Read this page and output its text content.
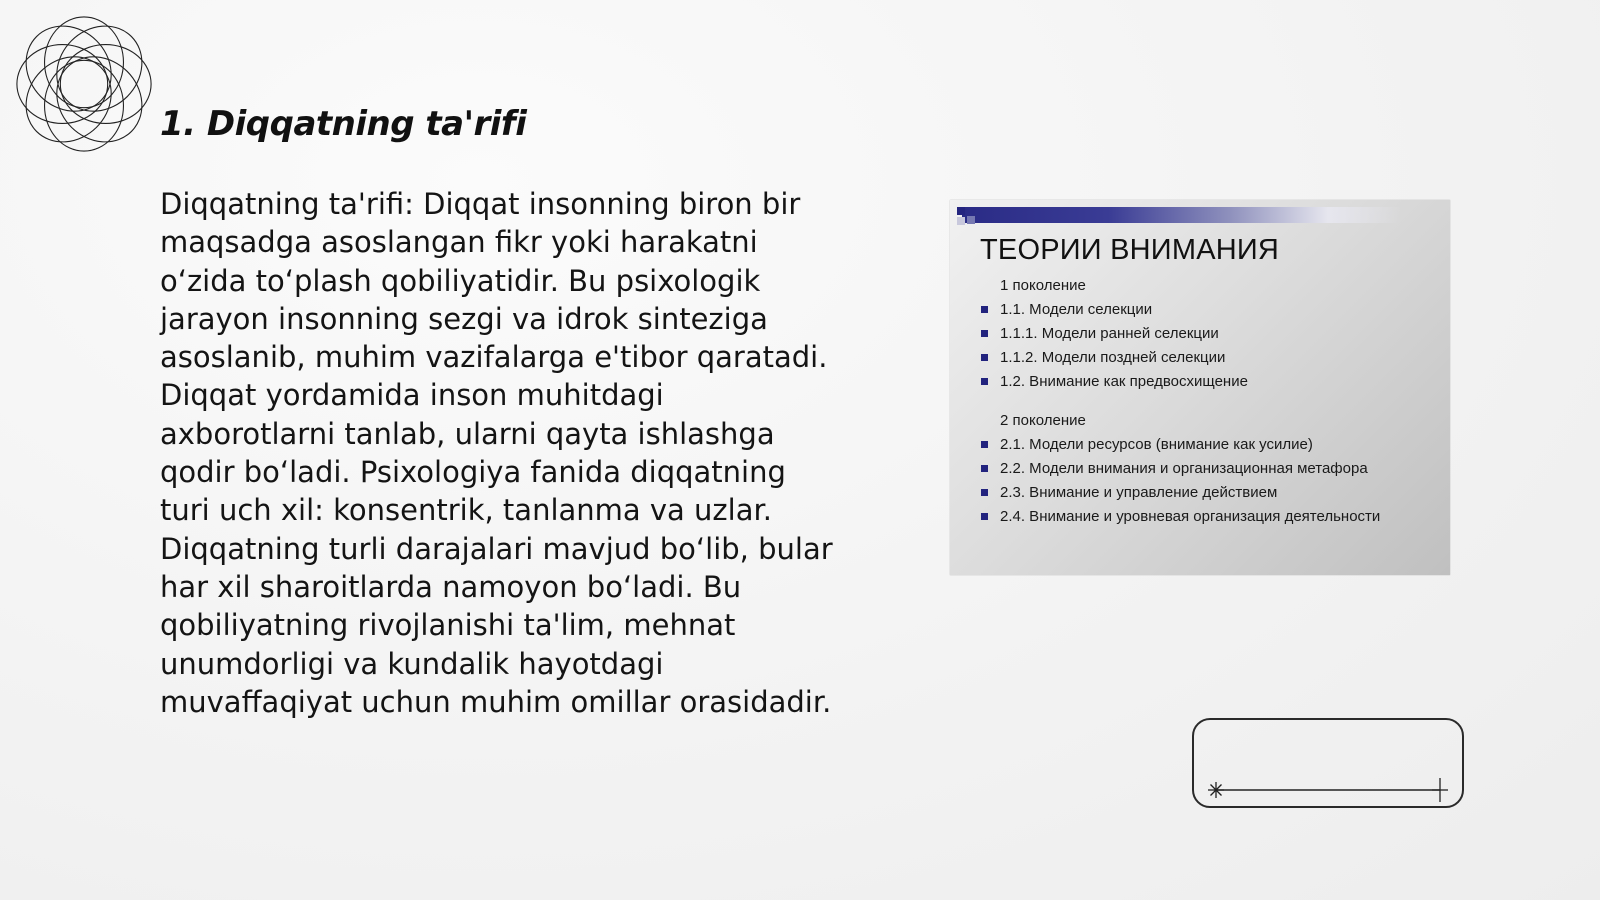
1. Diqqatning ta'rifi

Diqqatning ta'rifi: Diqqat insonning biron bir maqsadga asoslangan fikr yoki harakatni o‘zida to‘plash qobiliyatidir. Bu psixologik jarayon insonning sezgi va idrok sinteziga asoslanib, muhim vazifalarga e'tibor qaratadi. Diqqat yordamida inson muhitdagi axborotlarni tanlab, ularni qayta ishlashga qodir bo‘ladi. Psixologiya fanida diqqatning turi uch xil: konsentrik, tanlanma va uzlar. Diqqatning turli darajalari mavjud bo‘lib, bular har xil sharoitlarda namoyon bo‘ladi. Bu qobiliyatning rivojlanishi ta'lim, mehnat unumdorligi va kundalik hayotdagi muvaffaqiyat uchun muhim omillar orasidadir.

ТЕОРИИ ВНИМАНИЯ
1 поколение
1.1. Модели селекции
1.1.1. Модели ранней селекции
1.1.2. Модели поздней селекции
1.2. Внимание как предвосхищение
2 поколение
2.1. Модели ресурсов (внимание как усилие)
2.2. Модели внимания и организационная метафора
2.3. Внимание и управление действием
2.4. Внимание и уровневая организация деятельности
